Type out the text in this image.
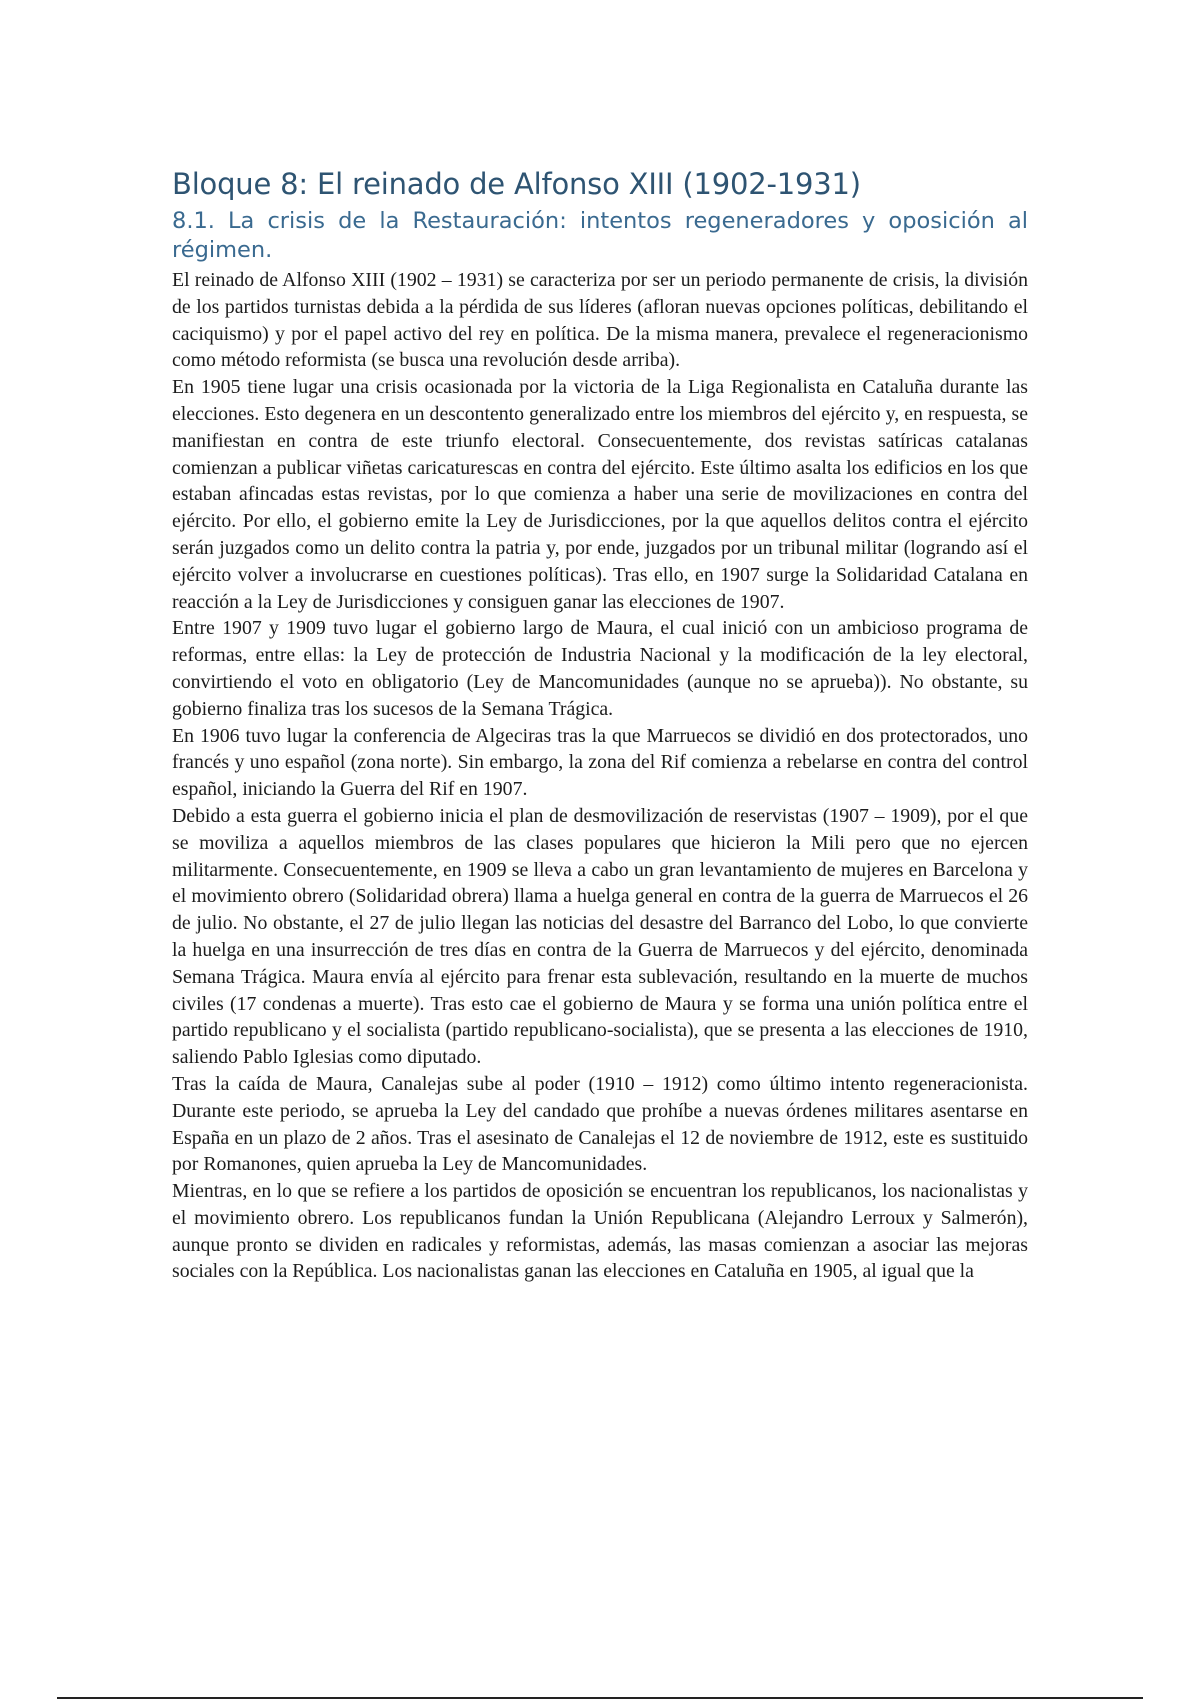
Bloque 8: El reinado de Alfonso XIII (1902-1931)
8.1. La crisis de la Restauración: intentos regeneradores y oposición al régimen.

El reinado de Alfonso XIII (1902 – 1931) se caracteriza por ser un periodo permanente de crisis, la división de los partidos turnistas debida a la pérdida de sus líderes (afloran nuevas opciones políticas, debilitando el caciquismo) y por el papel activo del rey en política. De la misma manera, prevalece el regeneracionismo como método reformista (se busca una revolución desde arriba).

En 1905 tiene lugar una crisis ocasionada por la victoria de la Liga Regionalista en Cataluña durante las elecciones. Esto degenera en un descontento generalizado entre los miembros del ejército y, en respuesta, se manifiestan en contra de este triunfo electoral. Consecuentemente, dos revistas satíricas catalanas comienzan a publicar viñetas caricaturescas en contra del ejército. Este último asalta los edificios en los que estaban afincadas estas revistas, por lo que comienza a haber una serie de movilizaciones en contra del ejército. Por ello, el gobierno emite la Ley de Jurisdicciones, por la que aquellos delitos contra el ejército serán juzgados como un delito contra la patria y, por ende, juzgados por un tribunal militar (logrando así el ejército volver a involucrarse en cuestiones políticas). Tras ello, en 1907 surge la Solidaridad Catalana en reacción a la Ley de Jurisdicciones y consiguen ganar las elecciones de 1907.

Entre 1907 y 1909 tuvo lugar el gobierno largo de Maura, el cual inició con un ambicioso programa de reformas, entre ellas: la Ley de protección de Industria Nacional y la modificación de la ley electoral, convirtiendo el voto en obligatorio (Ley de Mancomunidades (aunque no se aprueba)). No obstante, su gobierno finaliza tras los sucesos de la Semana Trágica.

En 1906 tuvo lugar la conferencia de Algeciras tras la que Marruecos se dividió en dos protectorados, uno francés y uno español (zona norte). Sin embargo, la zona del Rif comienza a rebelarse en contra del control español, iniciando la Guerra del Rif en 1907.

Debido a esta guerra el gobierno inicia el plan de desmovilización de reservistas (1907 – 1909), por el que se moviliza a aquellos miembros de las clases populares que hicieron la Mili pero que no ejercen militarmente. Consecuentemente, en 1909 se lleva a cabo un gran levantamiento de mujeres en Barcelona y el movimiento obrero (Solidaridad obrera) llama a huelga general en contra de la guerra de Marruecos el 26 de julio. No obstante, el 27 de julio llegan las noticias del desastre del Barranco del Lobo, lo que convierte la huelga en una insurrección de tres días en contra de la Guerra de Marruecos y del ejército, denominada Semana Trágica. Maura envía al ejército para frenar esta sublevación, resultando en la muerte de muchos civiles (17 condenas a muerte). Tras esto cae el gobierno de Maura y se forma una unión política entre el partido republicano y el socialista (partido republicano-socialista), que se presenta a las elecciones de 1910, saliendo Pablo Iglesias como diputado.

Tras la caída de Maura, Canalejas sube al poder (1910 – 1912) como último intento regeneracionista. Durante este periodo, se aprueba la Ley del candado que prohíbe a nuevas órdenes militares asentarse en España en un plazo de 2 años. Tras el asesinato de Canalejas el 12 de noviembre de 1912, este es sustituido por Romanones, quien aprueba la Ley de Mancomunidades.

Mientras, en lo que se refiere a los partidos de oposición se encuentran los republicanos, los nacionalistas y el movimiento obrero. Los republicanos fundan la Unión Republicana (Alejandro Lerroux y Salmerón), aunque pronto se dividen en radicales y reformistas, además, las masas comienzan a asociar las mejoras sociales con la República. Los nacionalistas ganan las elecciones en Cataluña en 1905, al igual que la
